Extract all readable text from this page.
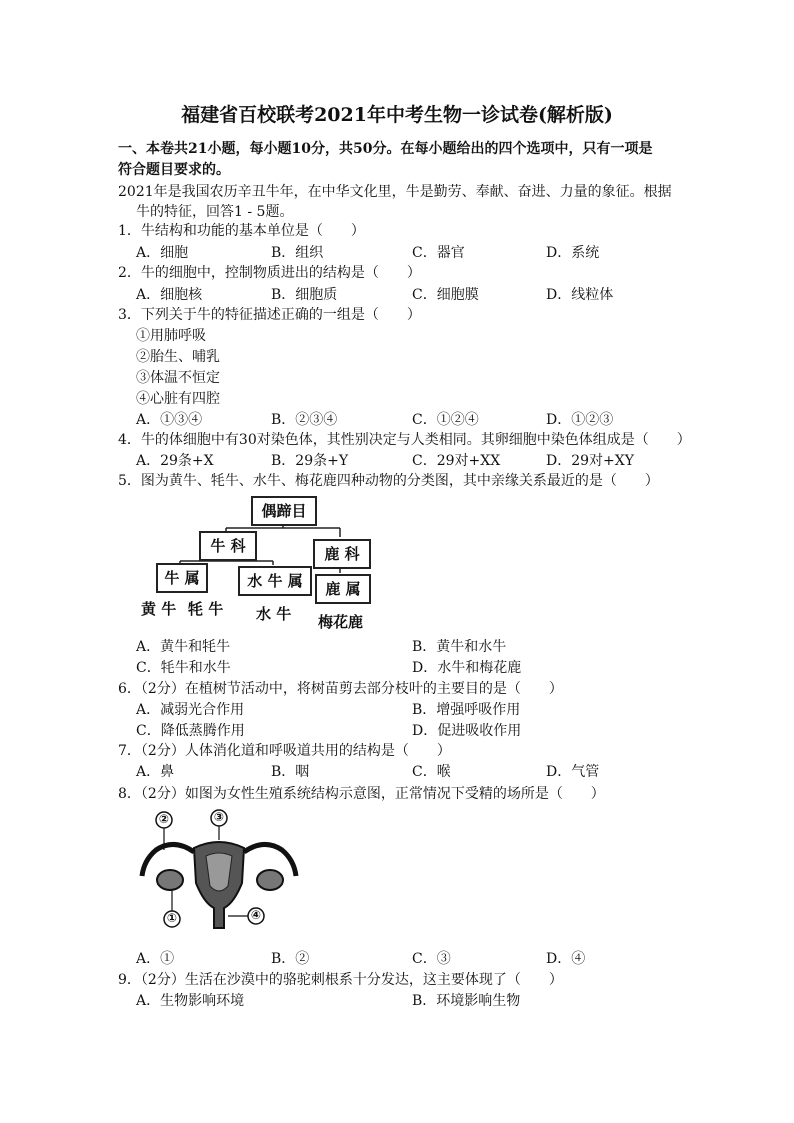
福建省百校联考2021年中考生物一诊试卷(解析版)
一、本卷共21小题，每小题10分，共50分。在每小题给出的四个选项中，只有一项是
符合题目要求的。
2021年是我国农历辛丑牛年，在中华文化里，牛是勤劳、奉献、奋进、力量的象征。根据
牛的特征，回答1 - 5题。
1．牛结构和功能的基本单位是（　　）
A．细胞	B．组织	C．器官	D．系统
2．牛的细胞中，控制物质进出的结构是（　　）
A．细胞核	B．细胞质	C．细胞膜	D．线粒体
3．下列关于牛的特征描述正确的一组是（　　）
①用肺呼吸
②胎生、哺乳
③体温不恒定
④心脏有四腔
A．①③④	B．②③④	C．①②④	D．①②③
4．牛的体细胞中有30对染色体，其性别决定与人类相同。其卵细胞中染色体组成是（　　）
A．29条+X	B．29条+Y	C．29对+XX	D．29对+XY
5．图为黄牛、牦牛、水牛、梅花鹿四种动物的分类图，其中亲缘关系最近的是（　　）
偶蹄目
牛 科	鹿 科
牛 属	水 牛 属	鹿 属
黄 牛 牦 牛 水 牛 梅花鹿
A．黄牛和牦牛	B．黄牛和水牛
C．牦牛和水牛	D．水牛和梅花鹿
6．（2分）在植树节活动中，将树苗剪去部分枝叶的主要目的是（　　）
A．减弱光合作用	B．增强呼吸作用
C．降低蒸腾作用	D．促进吸收作用
7．（2分）人体消化道和呼吸道共用的结构是（　　）
A．鼻	B．咽	C．喉	D．气管
8．（2分）如图为女性生殖系统结构示意图，正常情况下受精的场所是（　　）
②	③
①	④
A．①	B．②	C．③	D．④
9．（2分）生活在沙漠中的骆驼刺根系十分发达，这主要体现了（　　）
A．生物影响环境	B．环境影响生物
